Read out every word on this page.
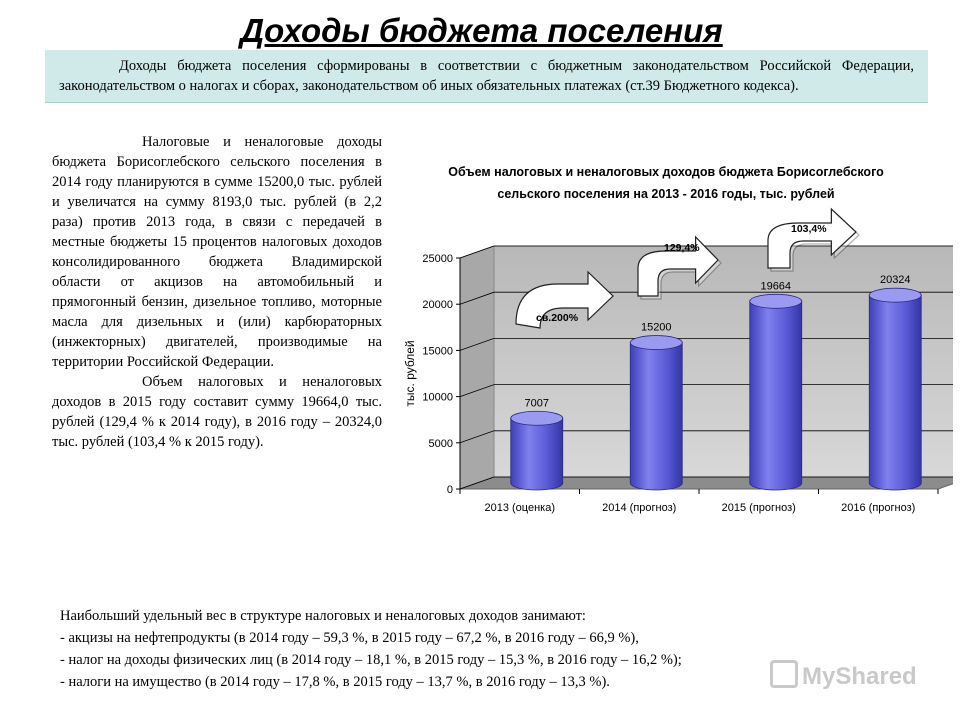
Доходы бюджета поселения

Доходы бюджета поселения сформированы в соответствии с бюджетным законодательством Российской Федерации, законодательством о налогах и сборах, законодательством об иных обязательных платежах (ст.39 Бюджетного кодекса).

Налоговые и неналоговые доходы бюджета Борисоглебского сельского поселения в 2014 году планируются в сумме 15200,0 тыс. рублей и увеличатся на сумму 8193,0 тыс. рублей (в 2,2 раза) против 2013 года, в связи с передачей в местные бюджеты 15 процентов налоговых доходов консолидированного бюджета Владимирской области от акцизов на автомобильный и прямогонный бензин, дизельное топливо, моторные масла для дизельных и (или) карбюраторных (инжекторных) двигателей, производимые на территории Российской Федерации.

Объем налоговых и неналоговых доходов в 2015 году составит сумму 19664,0 тыс. рублей (129,4 % к 2014 году), в 2016 году – 20324,0 тыс. рублей (103,4 % к 2015 году).

Объем налоговых и неналоговых доходов бюджета Борисоглебского
сельского поселения на 2013 - 2016 годы, тыс. рублей
0
5000
10000
15000
20000
25000
тыс. рублей	7007
2013 (оценка)
15200
2014 (прогноз)
19664
2015 (прогноз)
20324
2016 (прогноз)
св.200%
129,4%
103,4%
Наибольший удельный вес в структуре налоговых и неналоговых доходов занимают:
- акцизы на нефтепродукты (в 2014 году – 59,3 %, в 2015 году – 67,2 %, в 2016 году – 66,9 %),
- налог на доходы физических лиц (в 2014 году – 18,1 %, в 2015 году – 15,3 %, в 2016 году – 16,2 %);
- налоги на имущество (в 2014 году – 17,8 %, в 2015 году – 13,7 %, в 2016 году – 13,3 %).	MyShared
